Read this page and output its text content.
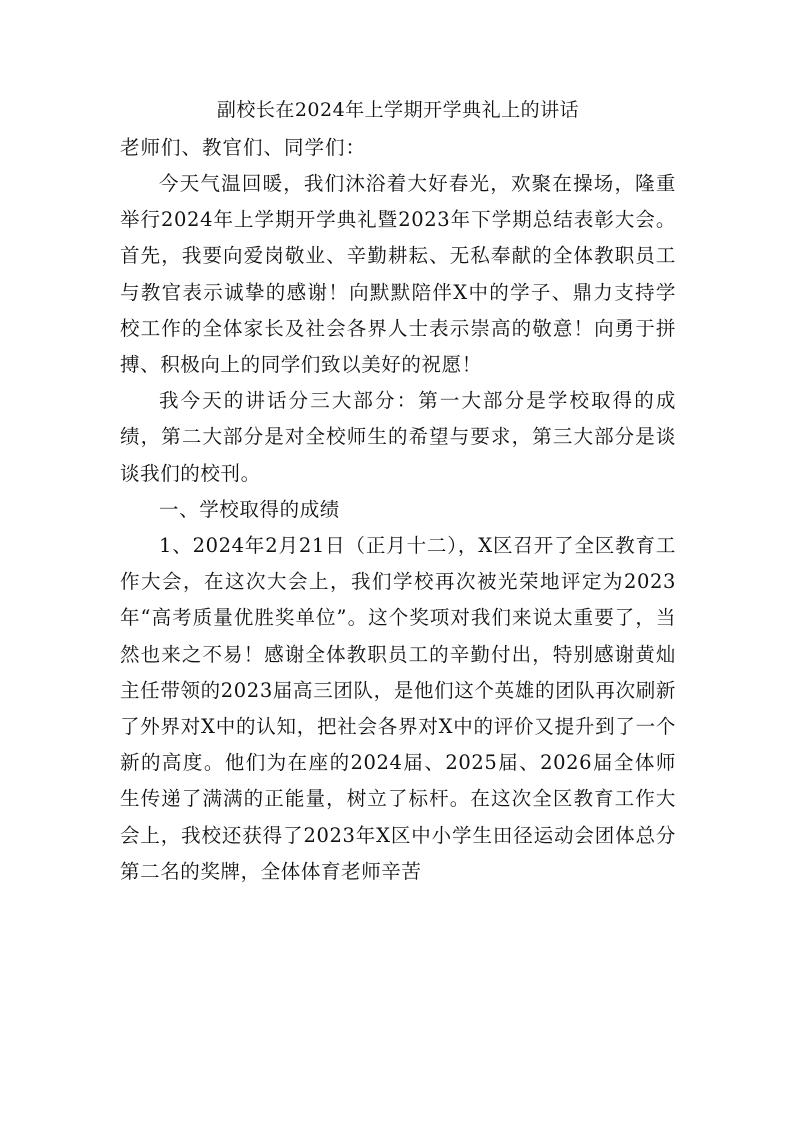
副校长在2024年上学期开学典礼上的讲话

老师们、教官们、同学们：

今天气温回暖，我们沐浴着大好春光，欢聚在操场，隆重举行2024年上学期开学典礼暨2023年下学期总结表彰大会。首先，我要向爱岗敬业、辛勤耕耘、无私奉献的全体教职员工与教官表示诚挚的感谢！向默默陪伴X中的学子、鼎力支持学校工作的全体家长及社会各界人士表示崇高的敬意！向勇于拼搏、积极向上的同学们致以美好的祝愿！

我今天的讲话分三大部分：第一大部分是学校取得的成绩，第二大部分是对全校师生的希望与要求，第三大部分是谈谈我们的校刊。

一、学校取得的成绩

1、2024年2月21日（正月十二），X区召开了全区教育工作大会，在这次大会上，我们学校再次被光荣地评定为2023年“高考质量优胜奖单位”。这个奖项对我们来说太重要了，当然也来之不易！感谢全体教职员工的辛勤付出，特别感谢黄灿主任带领的2023届高三团队，是他们这个英雄的团队再次刷新了外界对X中的认知，把社会各界对X中的评价又提升到了一个新的高度。他们为在座的2024届、2025届、2026届全体师生传递了满满的正能量，树立了标杆。在这次全区教育工作大会上，我校还获得了2023年X区中小学生田径运动会团体总分第二名的奖牌，全体体育老师辛苦
